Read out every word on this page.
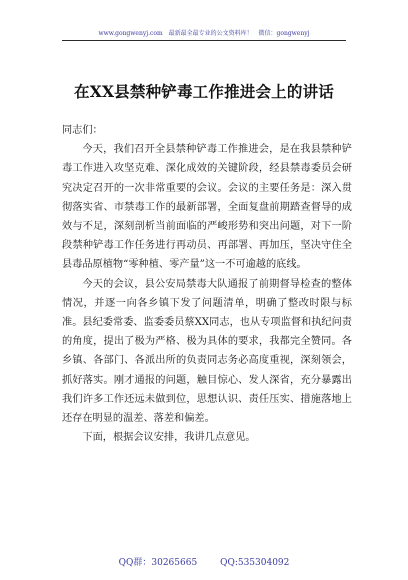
www.gongwenyj.com 最新最全最专业的公文资料库！ 微信：gongwenyj
在XX县禁种铲毒工作推进会上的讲话

同志们：

今天，我们召开全县禁种铲毒工作推进会，是在我县禁种铲毒工作进入攻坚克难、深化成效的关键阶段，经县禁毒委员会研究决定召开的一次非常重要的会议。会议的主要任务是：深入贯彻落实省、市禁毒工作的最新部署，全面复盘前期踏查督导的成效与不足，深刻剖析当前面临的严峻形势和突出问题，对下一阶段禁种铲毒工作任务进行再动员、再部署、再加压，坚决守住全县毒品原植物“零种植、零产量”这一不可逾越的底线。

今天的会议，县公安局禁毒大队通报了前期督导检查的整体情况，并逐一向各乡镇下发了问题清单，明确了整改时限与标准。县纪委常委、监委委员蔡XX同志，也从专项监督和执纪问责的角度，提出了极为严格、极为具体的要求，我都完全赞同。各乡镇、各部门、各派出所的负责同志务必高度重视，深刻领会，抓好落实。刚才通报的问题，触目惊心、发人深省，充分暴露出我们许多工作还远未做到位，思想认识、责任压实、措施落地上还存在明显的温差、落差和偏差。

下面，根据会议安排，我讲几点意见。

QQ群：30265665	QQ:535304092
